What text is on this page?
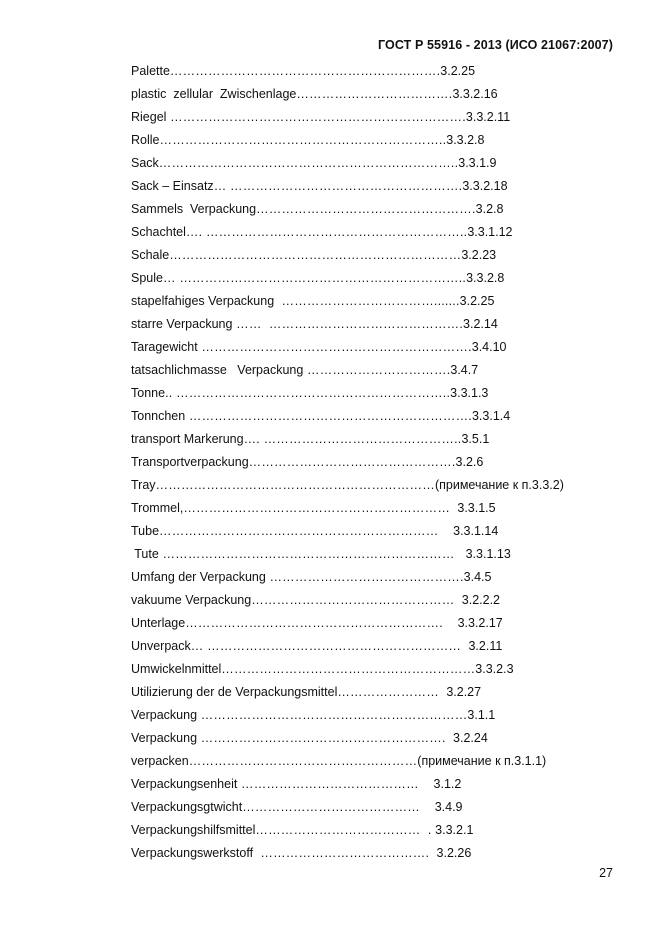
ГОСТ Р 55916 - 2013 (ИСО 21067:2007)
Palette ………………………………………………………. 3.2.25
plastic  zellular  Zwischenlage ………………………………. 3.3.2.16
Riegel ……………………………………………………………. 3.3.2.11
Rolle ………………………………………………………….. 3.3.2.8
Sack …………………………………………………………….. 3.3.1.9
Sack – Einsatz … ………………………………………………. 3.3.2.18
Sammels  Verpackung ……………………………………………. 3.2.8
Schachtel …. …………………………………………………….. 3.3.1.12
Schale …………………………………………………………… 3.2.23
Spule … ………………………………………………………….. 3.3.2.8
stapelfahiges Verpackung ………………………………....... 3.2.25
starre Verpackung ……  ………………………………………. 3.2.14
Taragewicht ………………………………………………………. 3.4.10
tatsachlichmasse   Verpackung ……………………………. 3.4.7
Tonne .. ……………………………………………………….. 3.3.1.3
Tonnchen …………………………………………………………. 3.3.1.4
transport Markerung …. ……………………………………….. 3.5.1
Transportverpackung …………………………………………. 3.2.6
Tray ………………………………………………………… (примечание к п.3.3.2)
Trommel, ……………………………………………………… 3.3.1.5
Tube ………………………………………………………… 3.3.1.14
Tute …………………………………………………………… 3.3.1.13
Umfang der Verpackung ………………………………………. 3.4.5
vakuume Verpackung ………………………………………… 3.2.2.2
Unterlage ……………………………………………………. 3.3.2.17
Unverpack … …………………………………………………… 3.2.11
Umwickelnmittel …………………………………………………… 3.3.2.3
Utilizierung der de Verpackungsmittel …………………… 3.2.27
Verpackung ……………………………………………………… 3.1.1
Verpackung …………………………………………………. 3.2.24
verpacken ……………………………………………… (примечание к п.3.1.1)
Verpackungsenheit …………………………………… 3.1.2
Verpackungsgtwicht …………………………………… 3.4.9
Verpackungshilfsmittel …………………………………  . 3.3.2.1
Verpackungswerkstoff …………………………………. 3.2.26
27
